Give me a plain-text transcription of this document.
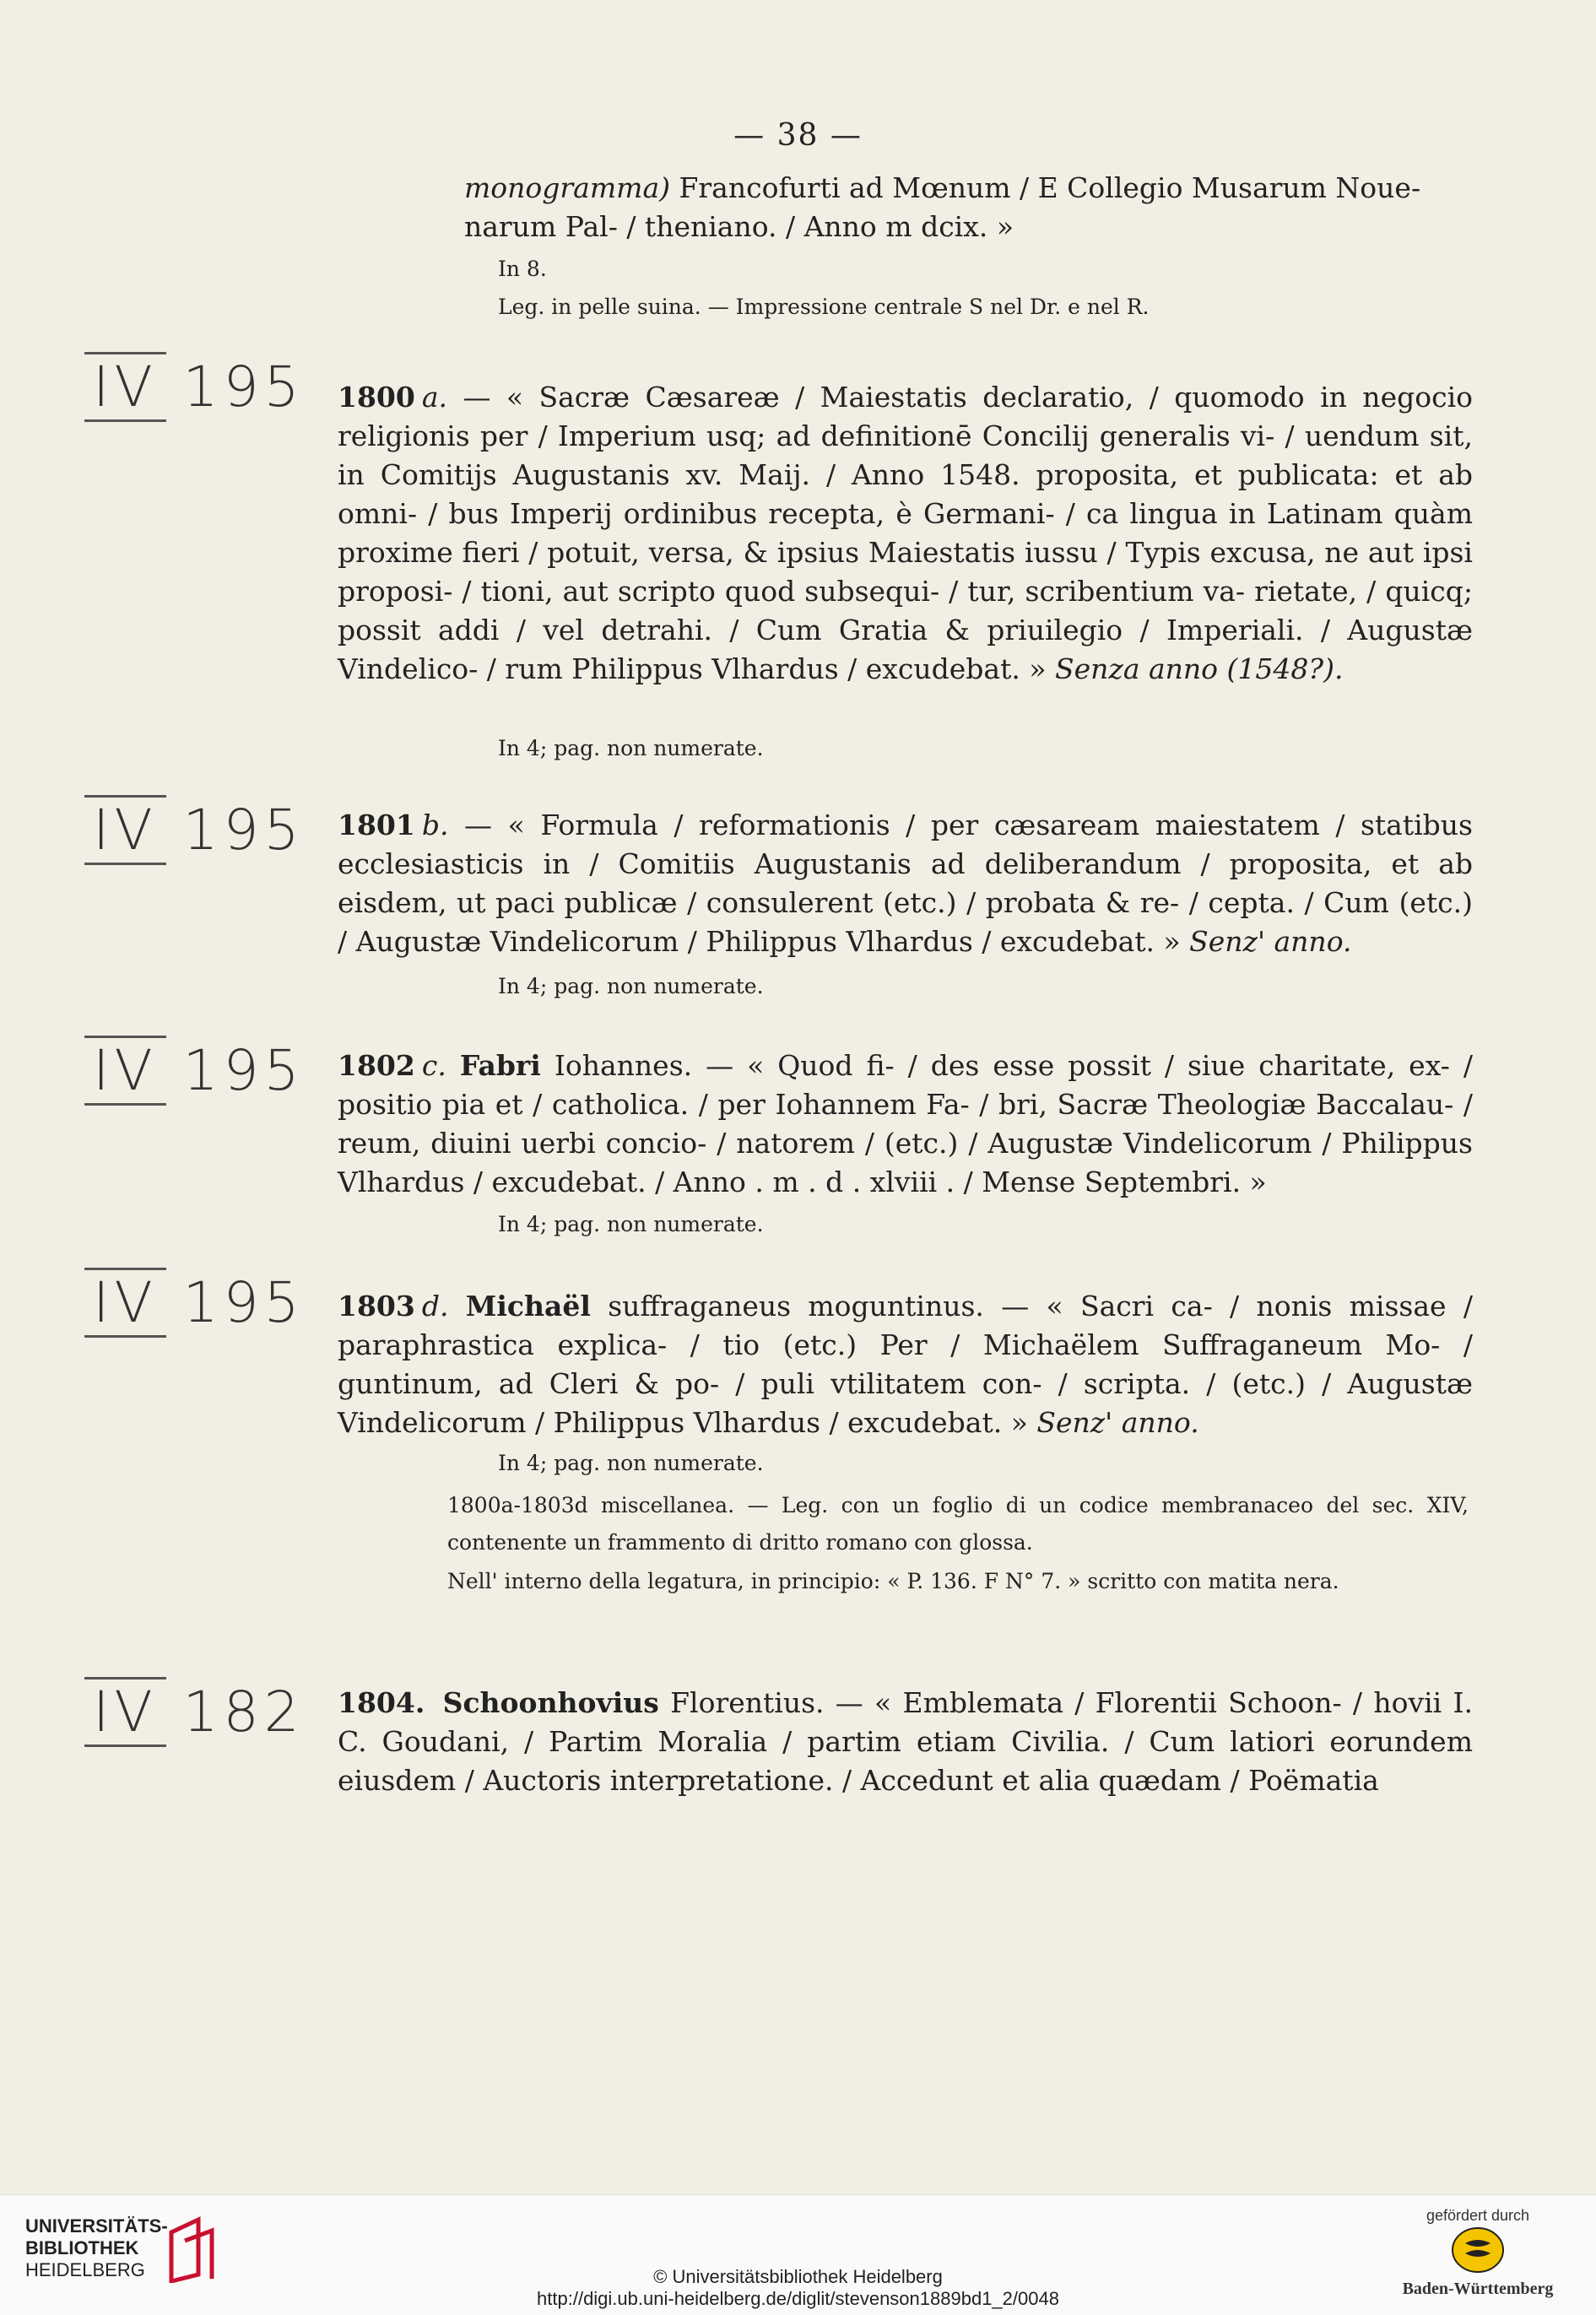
— 38 —
monogramma) Francofurti ad Mœnum / E Collegio Musarum Noue-
narum Pal- / theniano. / Anno m dcix. »
In 8.
Leg. in pelle suina. — Impressione centrale S nel Dr. e nel R.
IV 195
IV 195
IV 195
IV 195
IV 182
1800 a. — « Sacræ Cæsareæ / Maiestatis declaratio, / quomodo in negocio religionis per / Imperium usq; ad definitionē Concilij generalis vi- / uendum sit, in Comitijs Augustanis xv. Maij. / Anno 1548. proposita, et publicata: et ab omni- / bus Imperij ordinibus recepta, è Germani- / ca lingua in Latinam quàm proxime fieri / potuit, versa, & ipsius Maiestatis iussu / Typis excusa, ne aut ipsi proposi- / tioni, aut scripto quod subsequi- / tur, scribentium va- rietate, / quicq; possit addi / vel detrahi. / Cum Gratia & priuilegio / Imperiali. / Augustæ Vindelico- / rum Philippus Vlhardus / excudebat. » Senza anno (1548?).
In 4; pag. non numerate.
1801 b. — « Formula / reformationis / per cæsaream maiestatem / statibus ecclesiasticis in / Comitiis Augustanis ad deliberandum / proposita, et ab eisdem, ut paci publicæ / consulerent (etc.) / probata & re- / cepta. / Cum (etc.) / Augustæ Vindelicorum / Philippus Vlhardus / excudebat. » Senz' anno.
In 4; pag. non numerate.
1802 c. Fabri Iohannes. — « Quod fi- / des esse possit / siue charitate, ex- / positio pia et / catholica. / per Iohannem Fa- / bri, Sacræ Theologiæ Baccalau- / reum, diuini uerbi concio- / natorem / (etc.) / Augustæ Vindelicorum / Philippus Vlhardus / excudebat. / Anno . m . d . xlviii . / Mense Septembri. »
In 4; pag. non numerate.
1803 d. Michaël suffraganeus moguntinus. — « Sacri ca- / nonis missae / paraphrastica explica- / tio (etc.) Per / Michaëlem Suffraganeum Mo- / guntinum, ad Cleri & po- / puli vtilitatem con- / scripta. / (etc.) / Augustæ Vindelicorum / Philippus Vlhardus / excudebat. » Senz' anno.
In 4; pag. non numerate.
1800a-1803d miscellanea. — Leg. con un foglio di un codice membranaceo del sec. XIV, contenente un frammento di dritto romano con glossa.
Nell' interno della legatura, in principio: « P. 136. F N° 7. » scritto con matita nera.
1804. Schoonhovius Florentius. — « Emblemata / Florentii Schoon- / hovii I. C. Goudani, / Partim Moralia / partim etiam Civilia. / Cum latiori eorundem eiusdem / Auctoris interpretatione. / Accedunt et alia quædam / Poëmatia
UNIVERSITÄTS-
BIBLIOTHEK
HEIDELBERG	© Universitätsbibliothek Heidelberg
http://digi.ub.uni-heidelberg.de/diglit/stevenson1889bd1_2/0048
gefördert durch
Baden-Württemberg
